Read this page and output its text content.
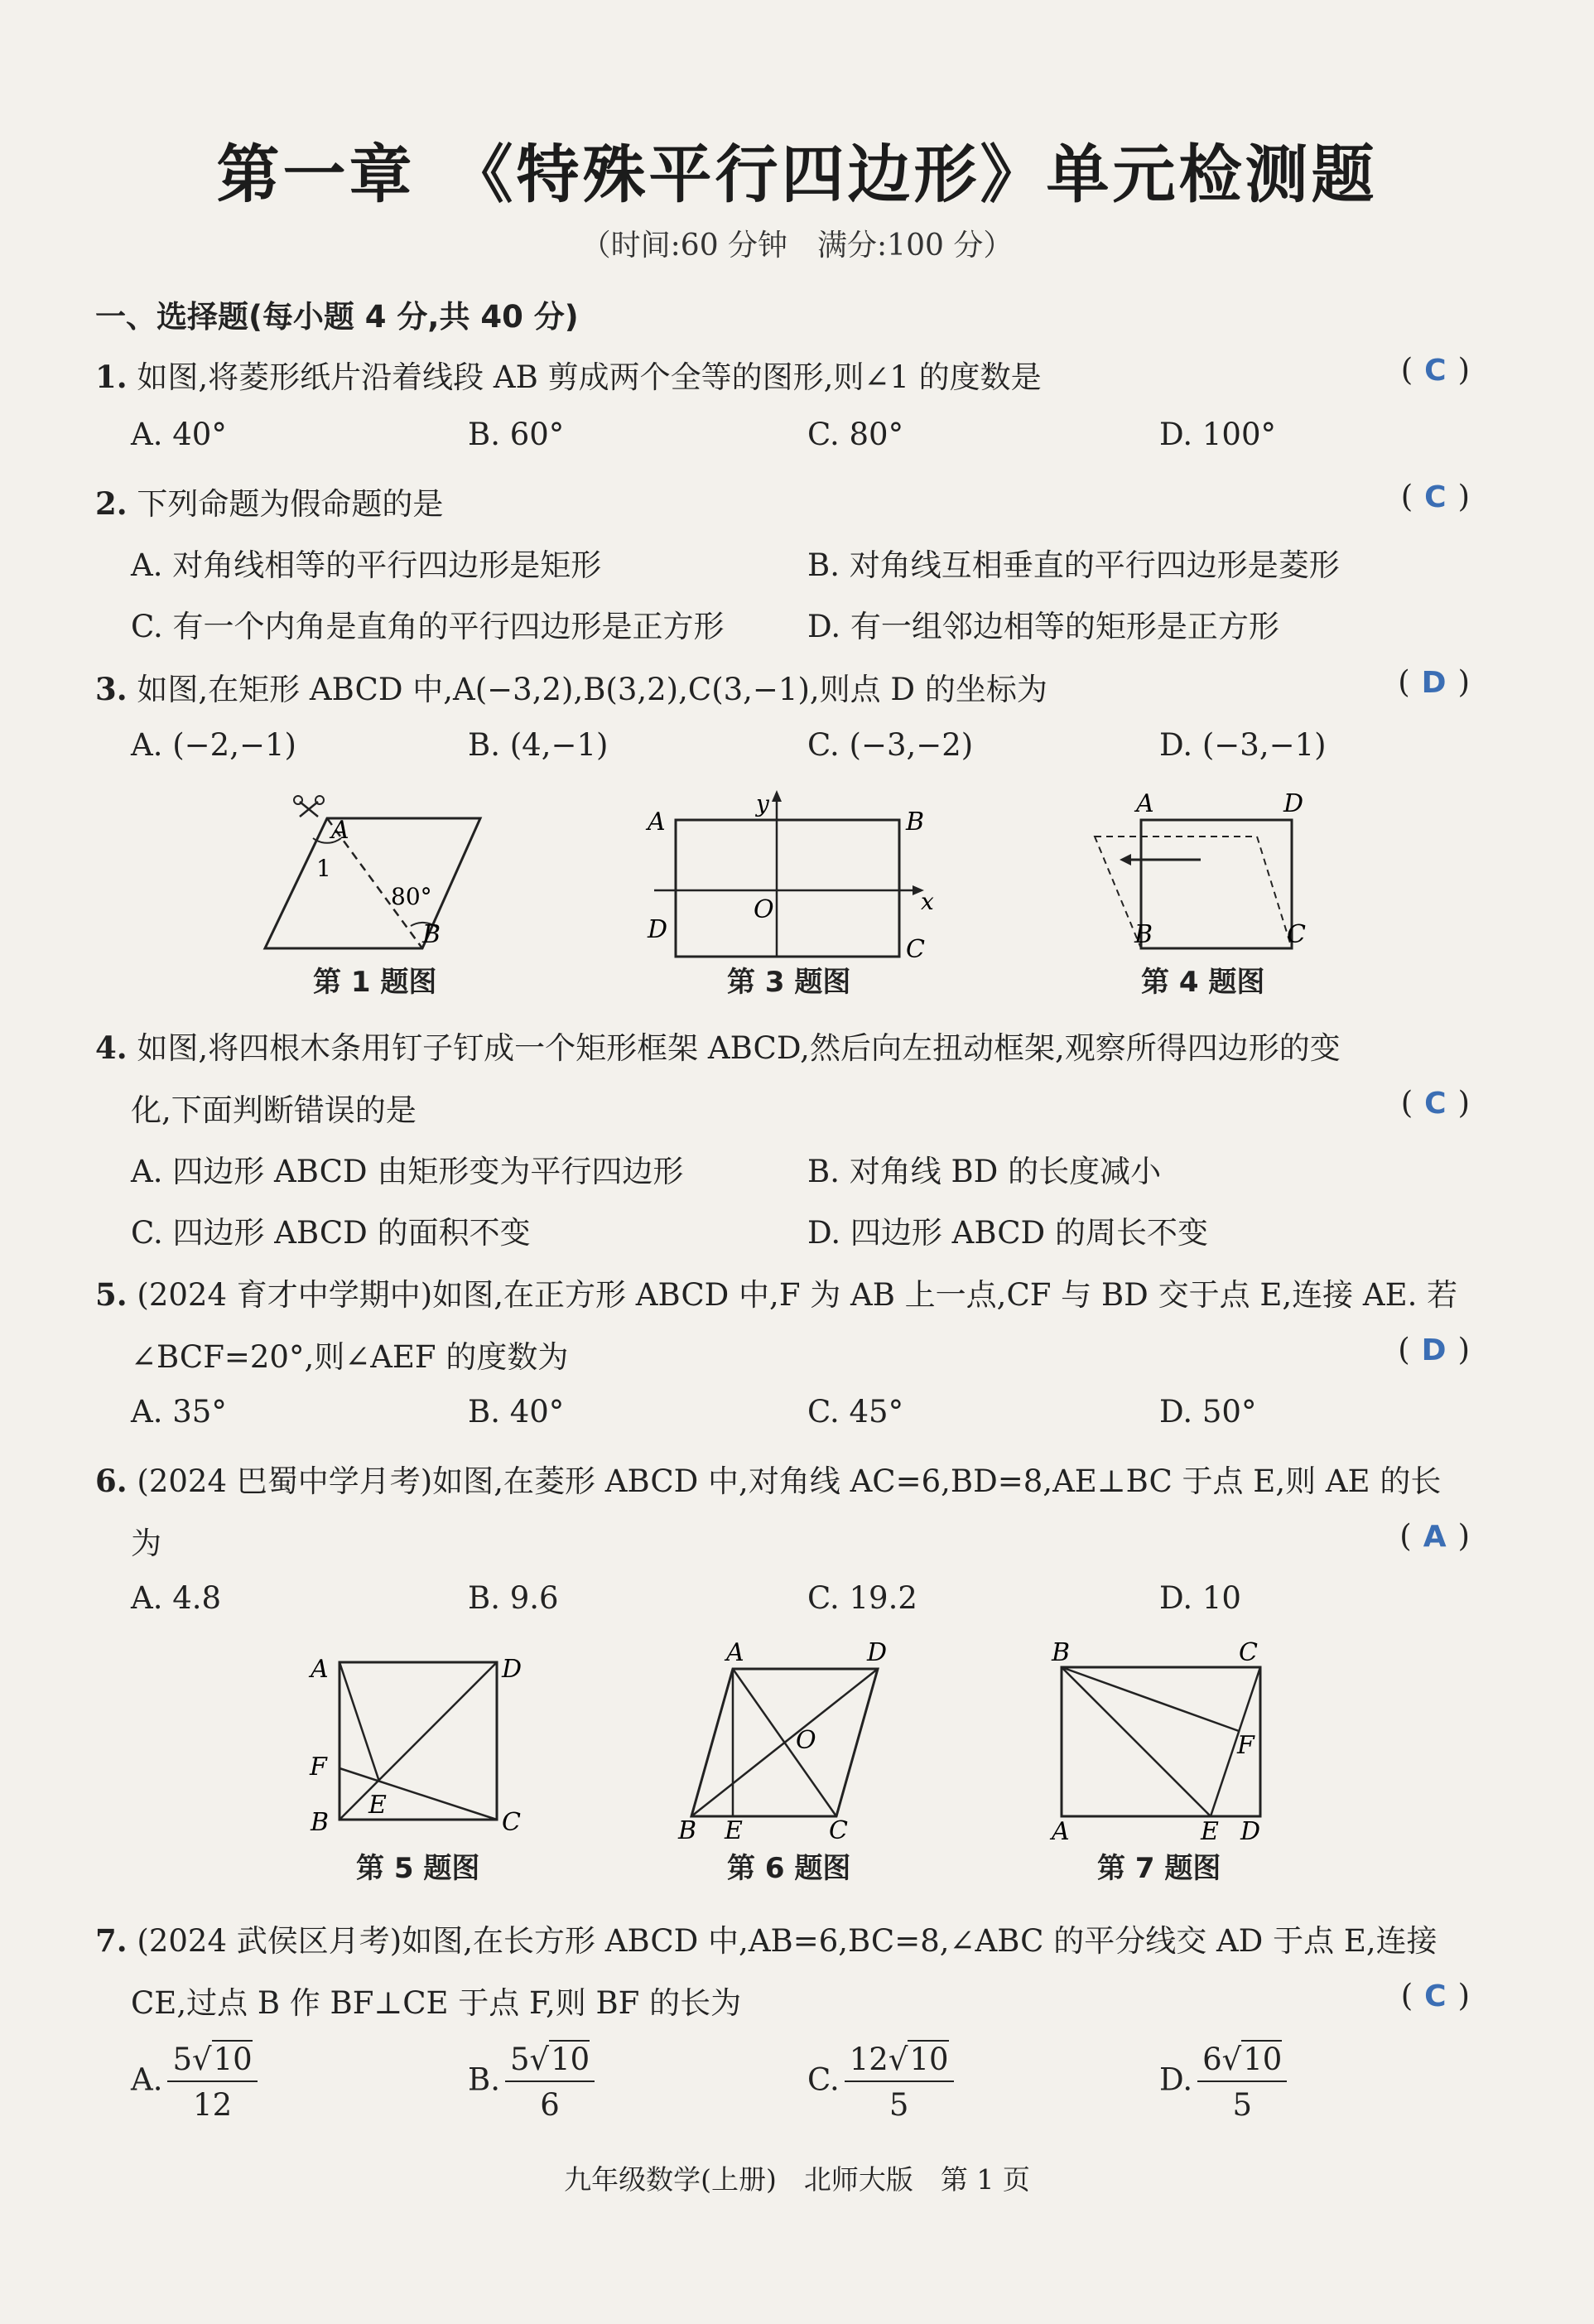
第一章　《特殊平行四边形》单元检测题
（时间:60 分钟　满分:100 分）
一、选择题(每小题 4 分,共 40 分)
1. 如图,将菱形纸片沿着线段 AB 剪成两个全等的图形,则∠1 的度数是	( C )
A. 40°	B. 60°	C. 80°	D. 100°
2. 下列命题为假命题的是	( C )
A. 对角线相等的平行四边形是矩形	B. 对角线互相垂直的平行四边形是菱形
C. 有一个内角是直角的平行四边形是正方形	D. 有一组邻边相等的矩形是正方形
3. 如图,在矩形 ABCD 中,A(−3,2),B(3,2),C(3,−1),则点 D 的坐标为	( D )
A. (−2,−1)	B. (4,−1)	C. (−3,−2)	D. (−3,−1)
A
B
1
80°
第 1 题图
A	B
C
D
O	x
y
第 3 题图
A	D
B	C
第 4 题图
4. 如图,将四根木条用钉子钉成一个矩形框架 ABCD,然后向左扭动框架,观察所得四边形的变
化,下面判断错误的是	( C )
A. 四边形 ABCD 由矩形变为平行四边形	B. 对角线 BD 的长度减小
C. 四边形 ABCD 的面积不变	D. 四边形 ABCD 的周长不变
5. (2024 育才中学期中)如图,在正方形 ABCD 中,F 为 AB 上一点,CF 与 BD 交于点 E,连接 AE. 若
∠BCF=20°,则∠AEF 的度数为	( D )
A. 35°	B. 40°	C. 45°	D. 50°
6. (2024 巴蜀中学月考)如图,在菱形 ABCD 中,对角线 AC=6,BD=8,AE⊥BC 于点 E,则 AE 的长
为	( A )
A. 4.8	B. 9.6	C. 19.2	D. 10
A	D
B	C
F
E
第 5 题图
A	D
B E	C
O
第 6 题图
B	C
A	E D
F
第 7 题图
7. (2024 武侯区月考)如图,在长方形 ABCD 中,AB=6,BC=8,∠ABC 的平分线交 AD 于点 E,连接
CE,过点 B 作 BF⊥CE 于点 F,则 BF 的长为	( C )
A. $\frac{5√10}{12}$	B. $\frac{5√10}{6}$	C. $\frac{12√10}{5}$	D. $\frac{6√10}{5}$
九年级数学(上册)　北师大版　第 1 页
